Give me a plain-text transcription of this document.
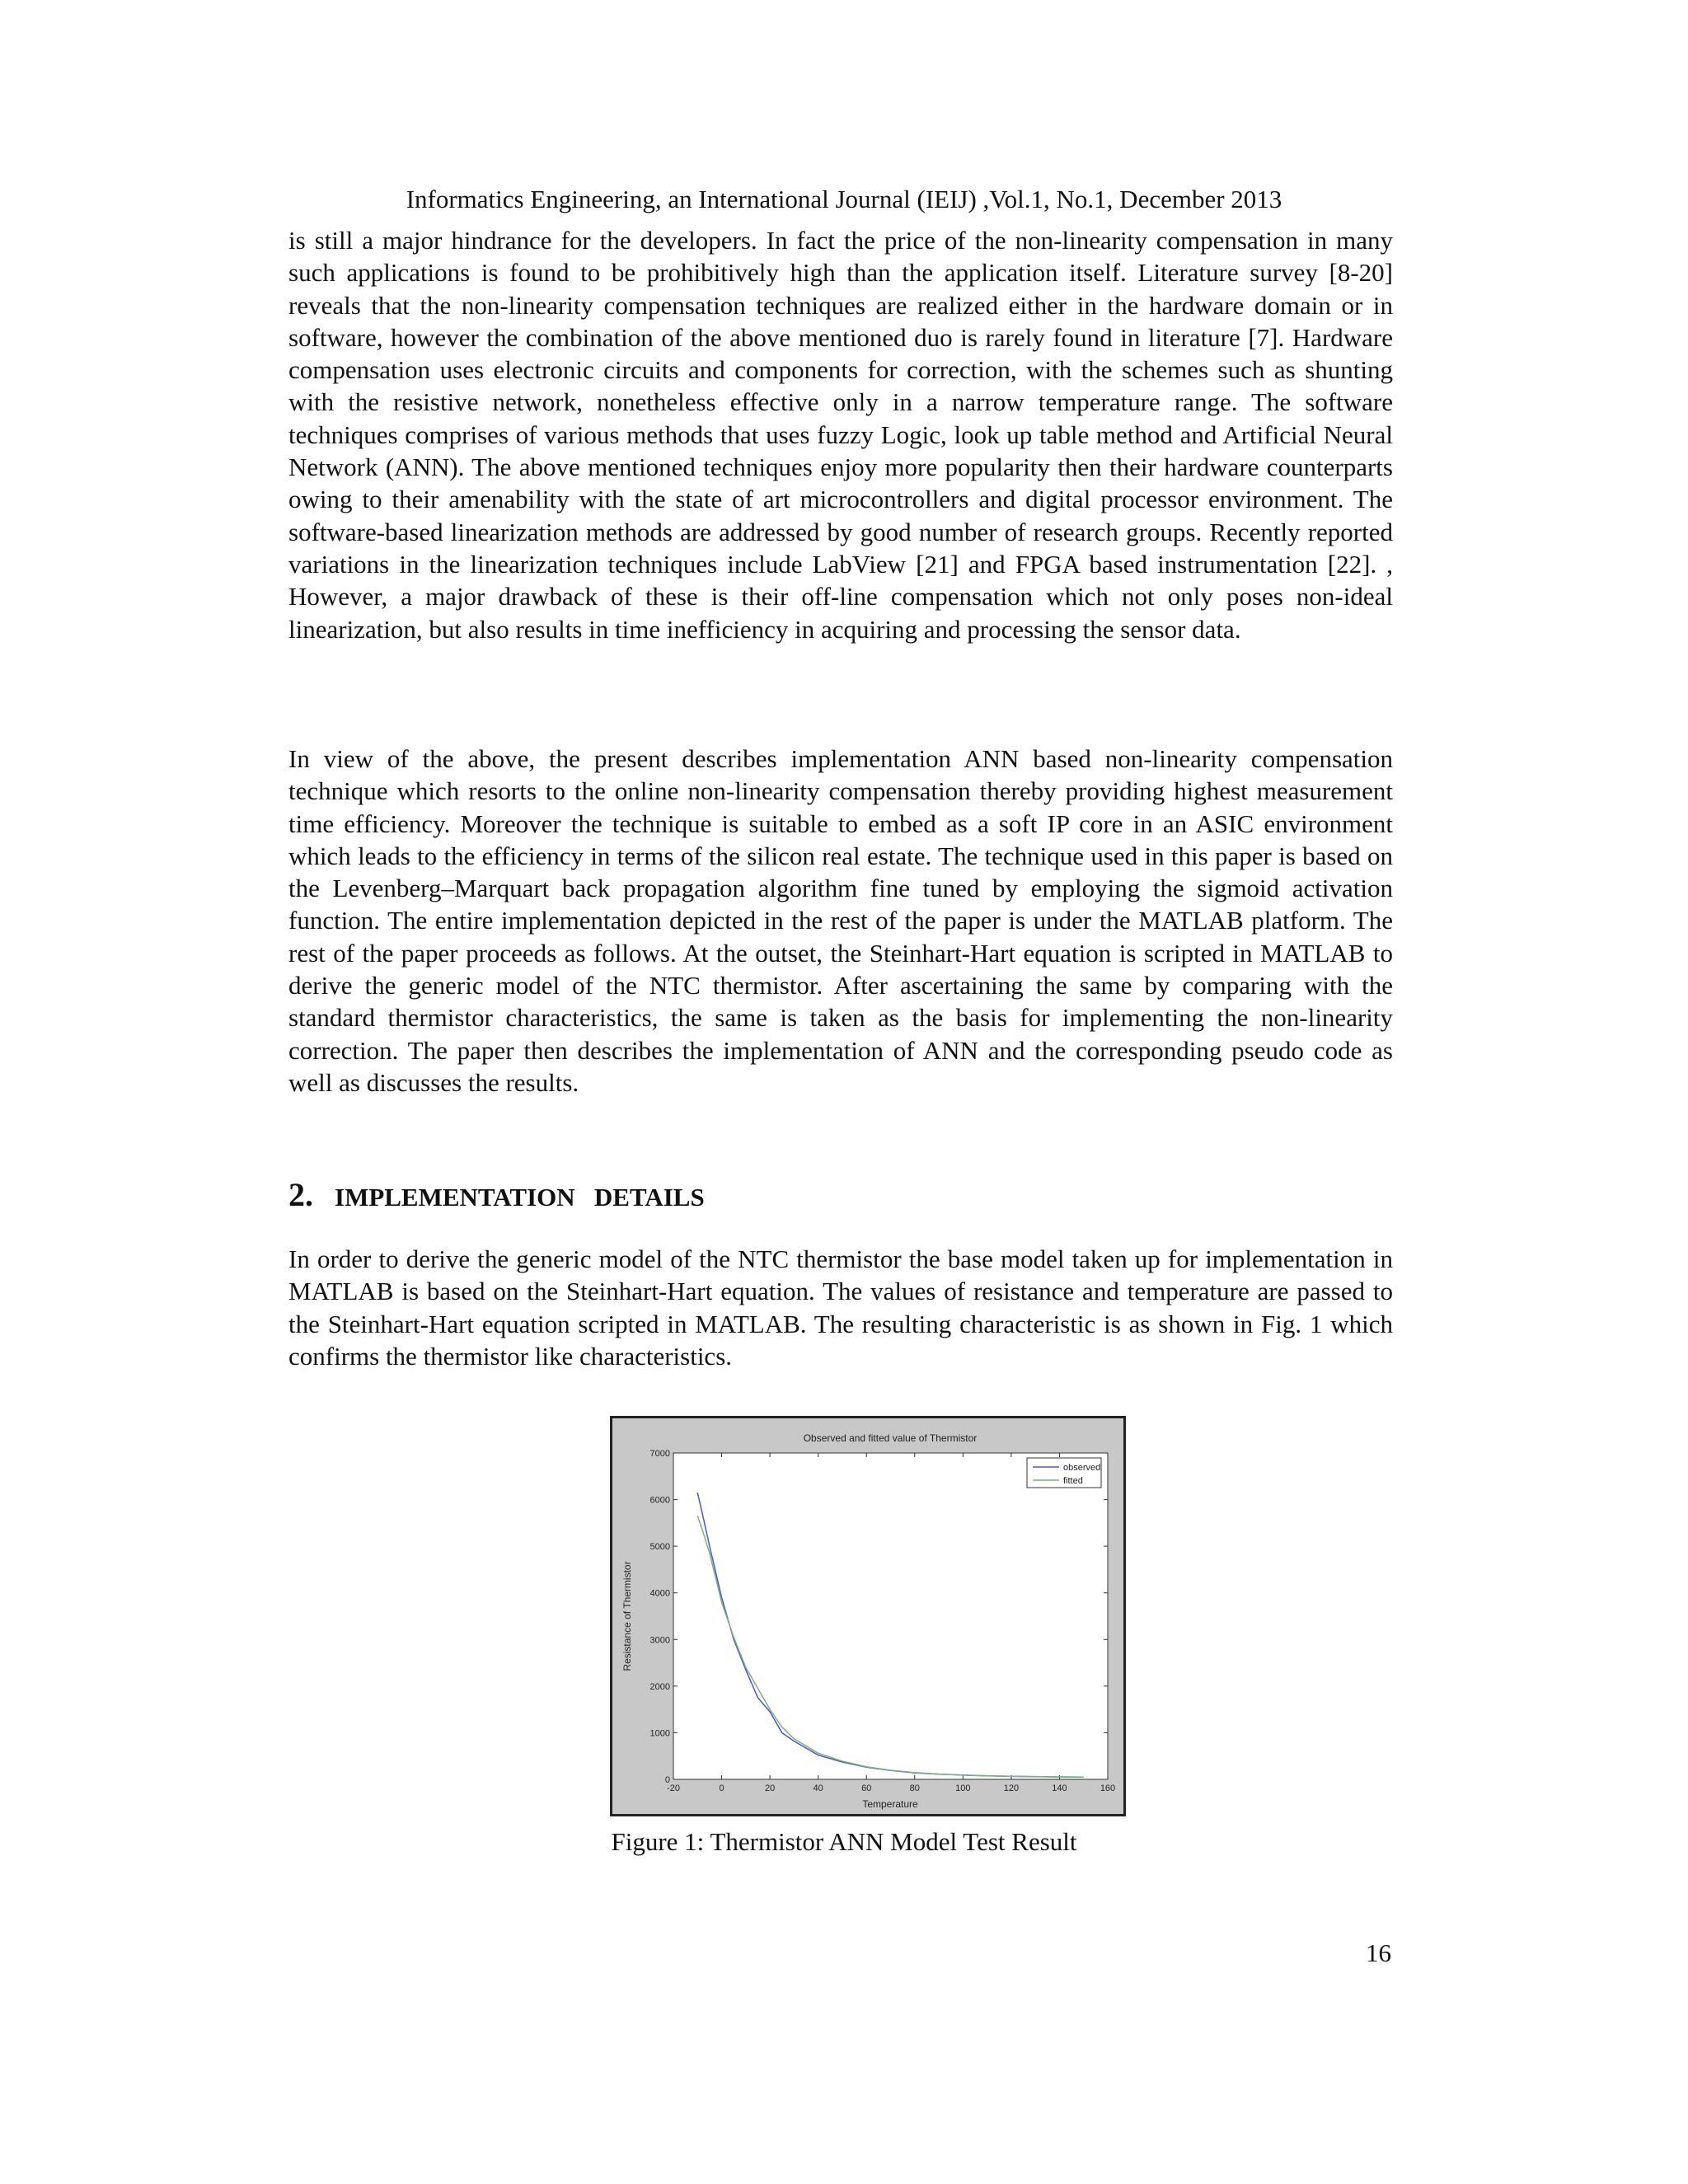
Informatics Engineering, an International Journal (IEIJ) ,Vol.1, No.1, December 2013

is still a major hindrance for the developers. In fact the price of the non-linearity compensation in many such applications is found to be prohibitively high than the application itself. Literature survey [8-20] reveals that the non-linearity compensation techniques are realized either in the hardware domain or in software, however the combination of the above mentioned duo is rarely found in literature [7]. Hardware compensation uses electronic circuits and components for correction, with the schemes such as shunting with the resistive network, nonetheless effective only in a narrow temperature range. The software techniques comprises of various methods that uses fuzzy Logic, look up table method and Artificial Neural Network (ANN). The above mentioned techniques enjoy more popularity then their hardware counterparts owing to their amenability with the state of art microcontrollers and digital processor environment. The software-based linearization methods are addressed by good number of research groups. Recently reported variations in the linearization techniques include LabView [21] and FPGA based instrumentation [22]. , However, a major drawback of these is their off-line compensation which not only poses non-ideal linearization, but also results in time inefficiency in acquiring and processing the sensor data.

In view of the above, the present describes implementation ANN based non-linearity compensation technique which resorts to the online non-linearity compensation thereby providing highest measurement time efficiency. Moreover the technique is suitable to embed as a soft IP core in an ASIC environment which leads to the efficiency in terms of the silicon real estate. The technique used in this paper is based on the Levenberg–Marquart back propagation algorithm fine tuned by employing the sigmoid activation function. The entire implementation depicted in the rest of the paper is under the MATLAB platform. The rest of the paper proceeds as follows. At the outset, the Steinhart-Hart equation is scripted in MATLAB to derive the generic model of the NTC thermistor. After ascertaining the same by comparing with the standard thermistor characteristics, the same is taken as the basis for implementing the non-linearity correction. The paper then describes the implementation of ANN and the corresponding pseudo code as well as discusses the results.

2. IMPLEMENTATION   DETAILS

In order to derive the generic model of the NTC thermistor the base model taken up for implementation in MATLAB is based on the Steinhart-Hart equation. The values of resistance and temperature are passed to the Steinhart-Hart equation scripted in MATLAB. The resulting characteristic is as shown in Fig. 1 which confirms the thermistor like characteristics.

Observed and fitted value of Thermistor
Temperature
Resistance of Thermistor
-20	0	20	40	60	80	100	120	140	160
0
1000
2000
3000
4000
5000
6000
7000
observed
fitted
Figure 1: Thermistor ANN Model Test Result
16
